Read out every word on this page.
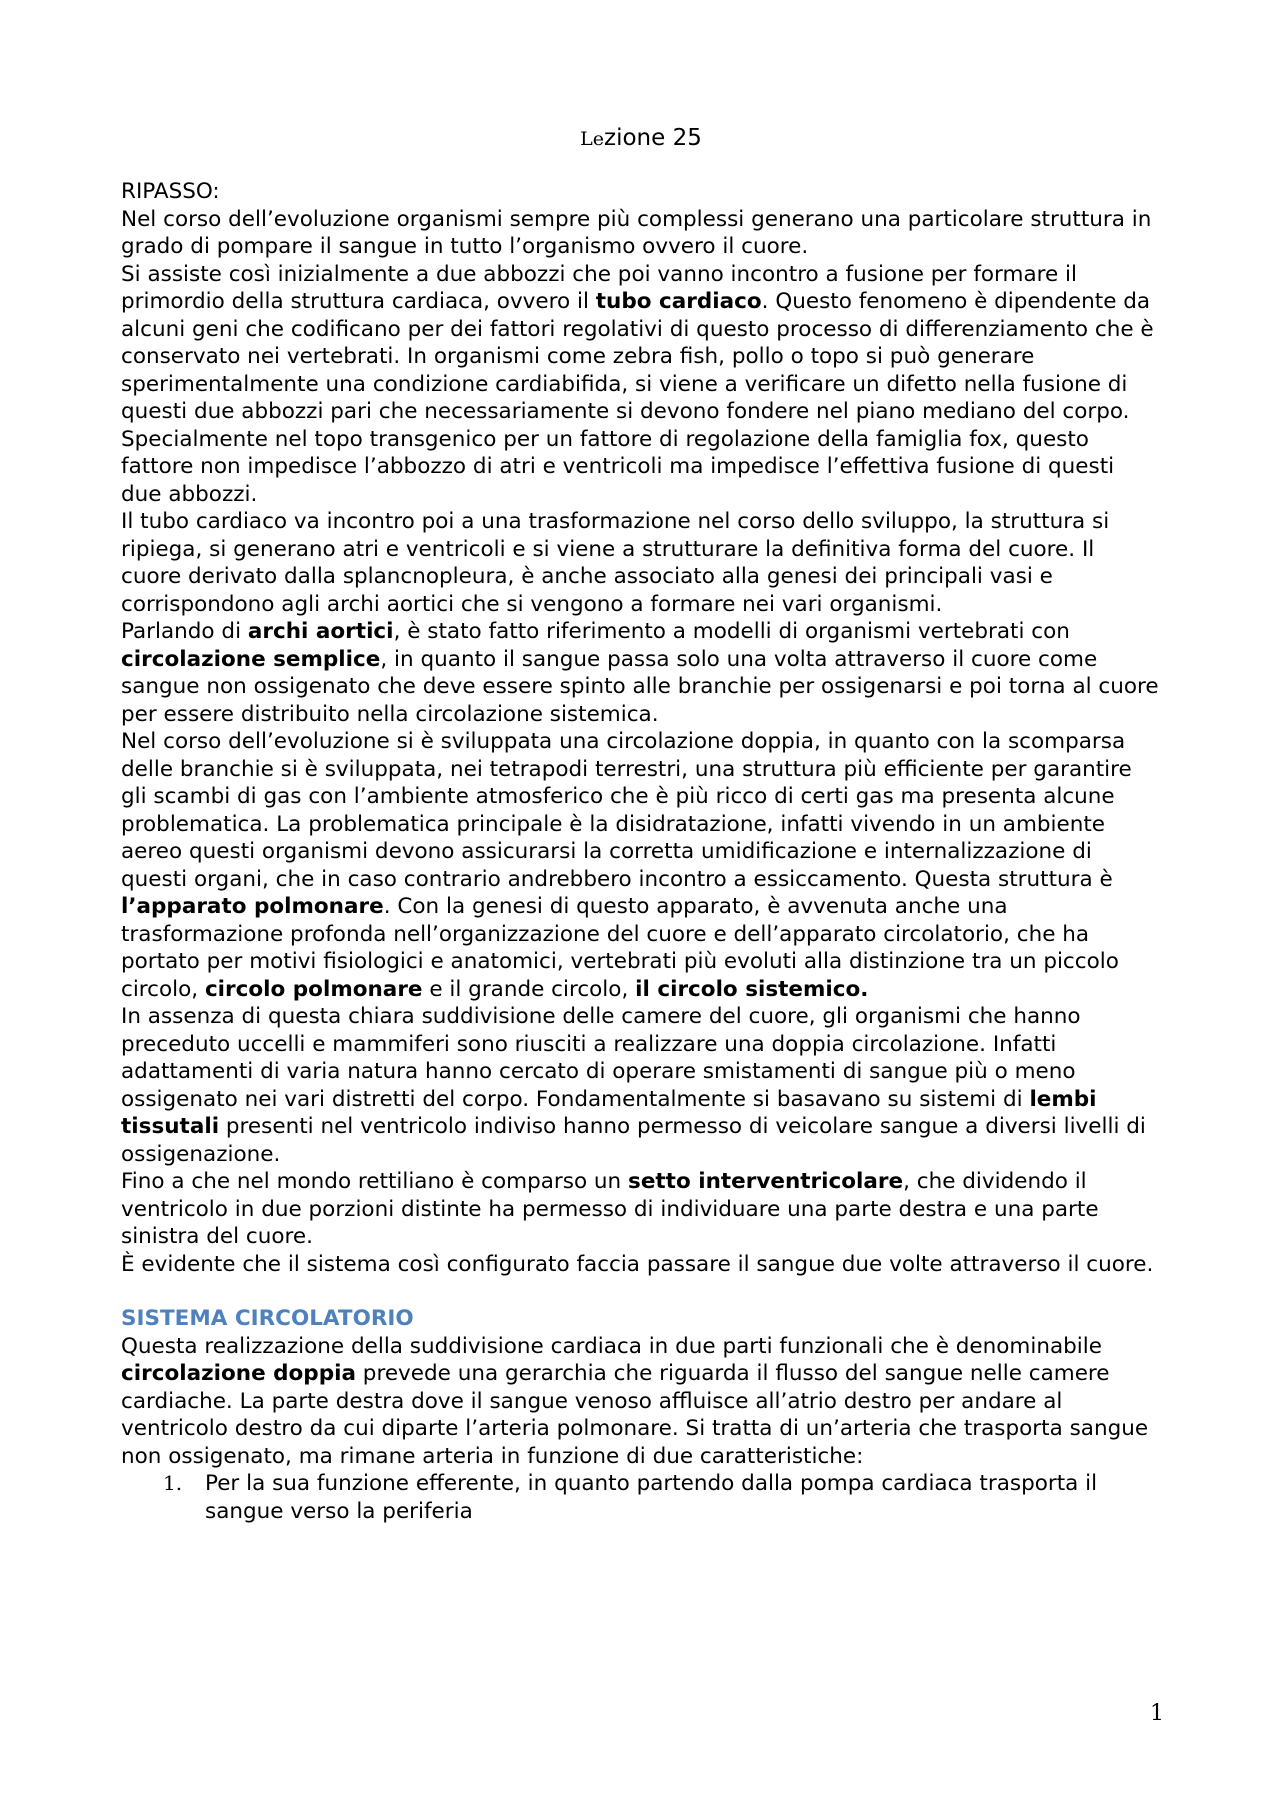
Lezione 25

RIPASSO:

Nel corso dell’evoluzione organismi sempre più complessi generano una particolare struttura in grado di pompare il sangue in tutto l’organismo ovvero il cuore.

Si assiste così inizialmente a due abbozzi che poi vanno incontro a fusione per formare il primordio della struttura cardiaca, ovvero il tubo cardiaco. Questo fenomeno è dipendente da alcuni geni che codificano per dei fattori regolativi di questo processo di differenziamento che è conservato nei vertebrati. In organismi come zebra fish, pollo o topo si può generare sperimentalmente una condizione cardiabifida, si viene a verificare un difetto nella fusione di questi due abbozzi pari che necessariamente si devono fondere nel piano mediano del corpo. Specialmente nel topo transgenico per un fattore di regolazione della famiglia fox, questo fattore non impedisce l’abbozzo di atri e ventricoli ma impedisce l’effettiva fusione di questi due abbozzi.

Il tubo cardiaco va incontro poi a una trasformazione nel corso dello sviluppo, la struttura si ripiega, si generano atri e ventricoli e si viene a strutturare la definitiva forma del cuore. Il cuore derivato dalla splancnopleura, è anche associato alla genesi dei principali vasi e corrispondono agli archi aortici che si vengono a formare nei vari organismi.

Parlando di archi aortici, è stato fatto riferimento a modelli di organismi vertebrati con circolazione semplice, in quanto il sangue passa solo una volta attraverso il cuore come sangue non ossigenato che deve essere spinto alle branchie per ossigenarsi e poi torna al cuore per essere distribuito nella circolazione sistemica.

Nel corso dell’evoluzione si è sviluppata una circolazione doppia, in quanto con la scomparsa delle branchie si è sviluppata, nei tetrapodi terrestri, una struttura più efficiente per garantire gli scambi di gas con l’ambiente atmosferico che è più ricco di certi gas ma presenta alcune problematica. La problematica principale è la disidratazione, infatti vivendo in un ambiente aereo questi organismi devono assicurarsi la corretta umidificazione e internalizzazione di questi organi, che in caso contrario andrebbero incontro a essiccamento. Questa struttura è l’apparato polmonare. Con la genesi di questo apparato, è avvenuta anche una trasformazione profonda nell’organizzazione del cuore e dell’apparato circolatorio, che ha portato per motivi fisiologici e anatomici, vertebrati più evoluti alla distinzione tra un piccolo circolo, circolo polmonare e il grande circolo, il circolo sistemico.

In assenza di questa chiara suddivisione delle camere del cuore, gli organismi che hanno preceduto uccelli e mammiferi sono riusciti a realizzare una doppia circolazione. Infatti adattamenti di varia natura hanno cercato di operare smistamenti di sangue più o meno ossigenato nei vari distretti del corpo. Fondamentalmente si basavano su sistemi di lembi tissutali presenti nel ventricolo indiviso hanno permesso di veicolare sangue a diversi livelli di ossigenazione.

Fino a che nel mondo rettiliano è comparso un setto interventricolare, che dividendo il ventricolo in due porzioni distinte ha permesso di individuare una parte destra e una parte sinistra del cuore.

È evidente che il sistema così configurato faccia passare il sangue due volte attraverso il cuore.

SISTEMA CIRCOLATORIO

Questa realizzazione della suddivisione cardiaca in due parti funzionali che è denominabile circolazione doppia prevede una gerarchia che riguarda il flusso del sangue nelle camere cardiache. La parte destra dove il sangue venoso affluisce all’atrio destro per andare al ventricolo destro da cui diparte l’arteria polmonare. Si tratta di un’arteria che trasporta sangue non ossigenato, ma rimane arteria in funzione di due caratteristiche:

1. Per la sua funzione efferente, in quanto partendo dalla pompa cardiaca trasporta il sangue verso la periferia
1
